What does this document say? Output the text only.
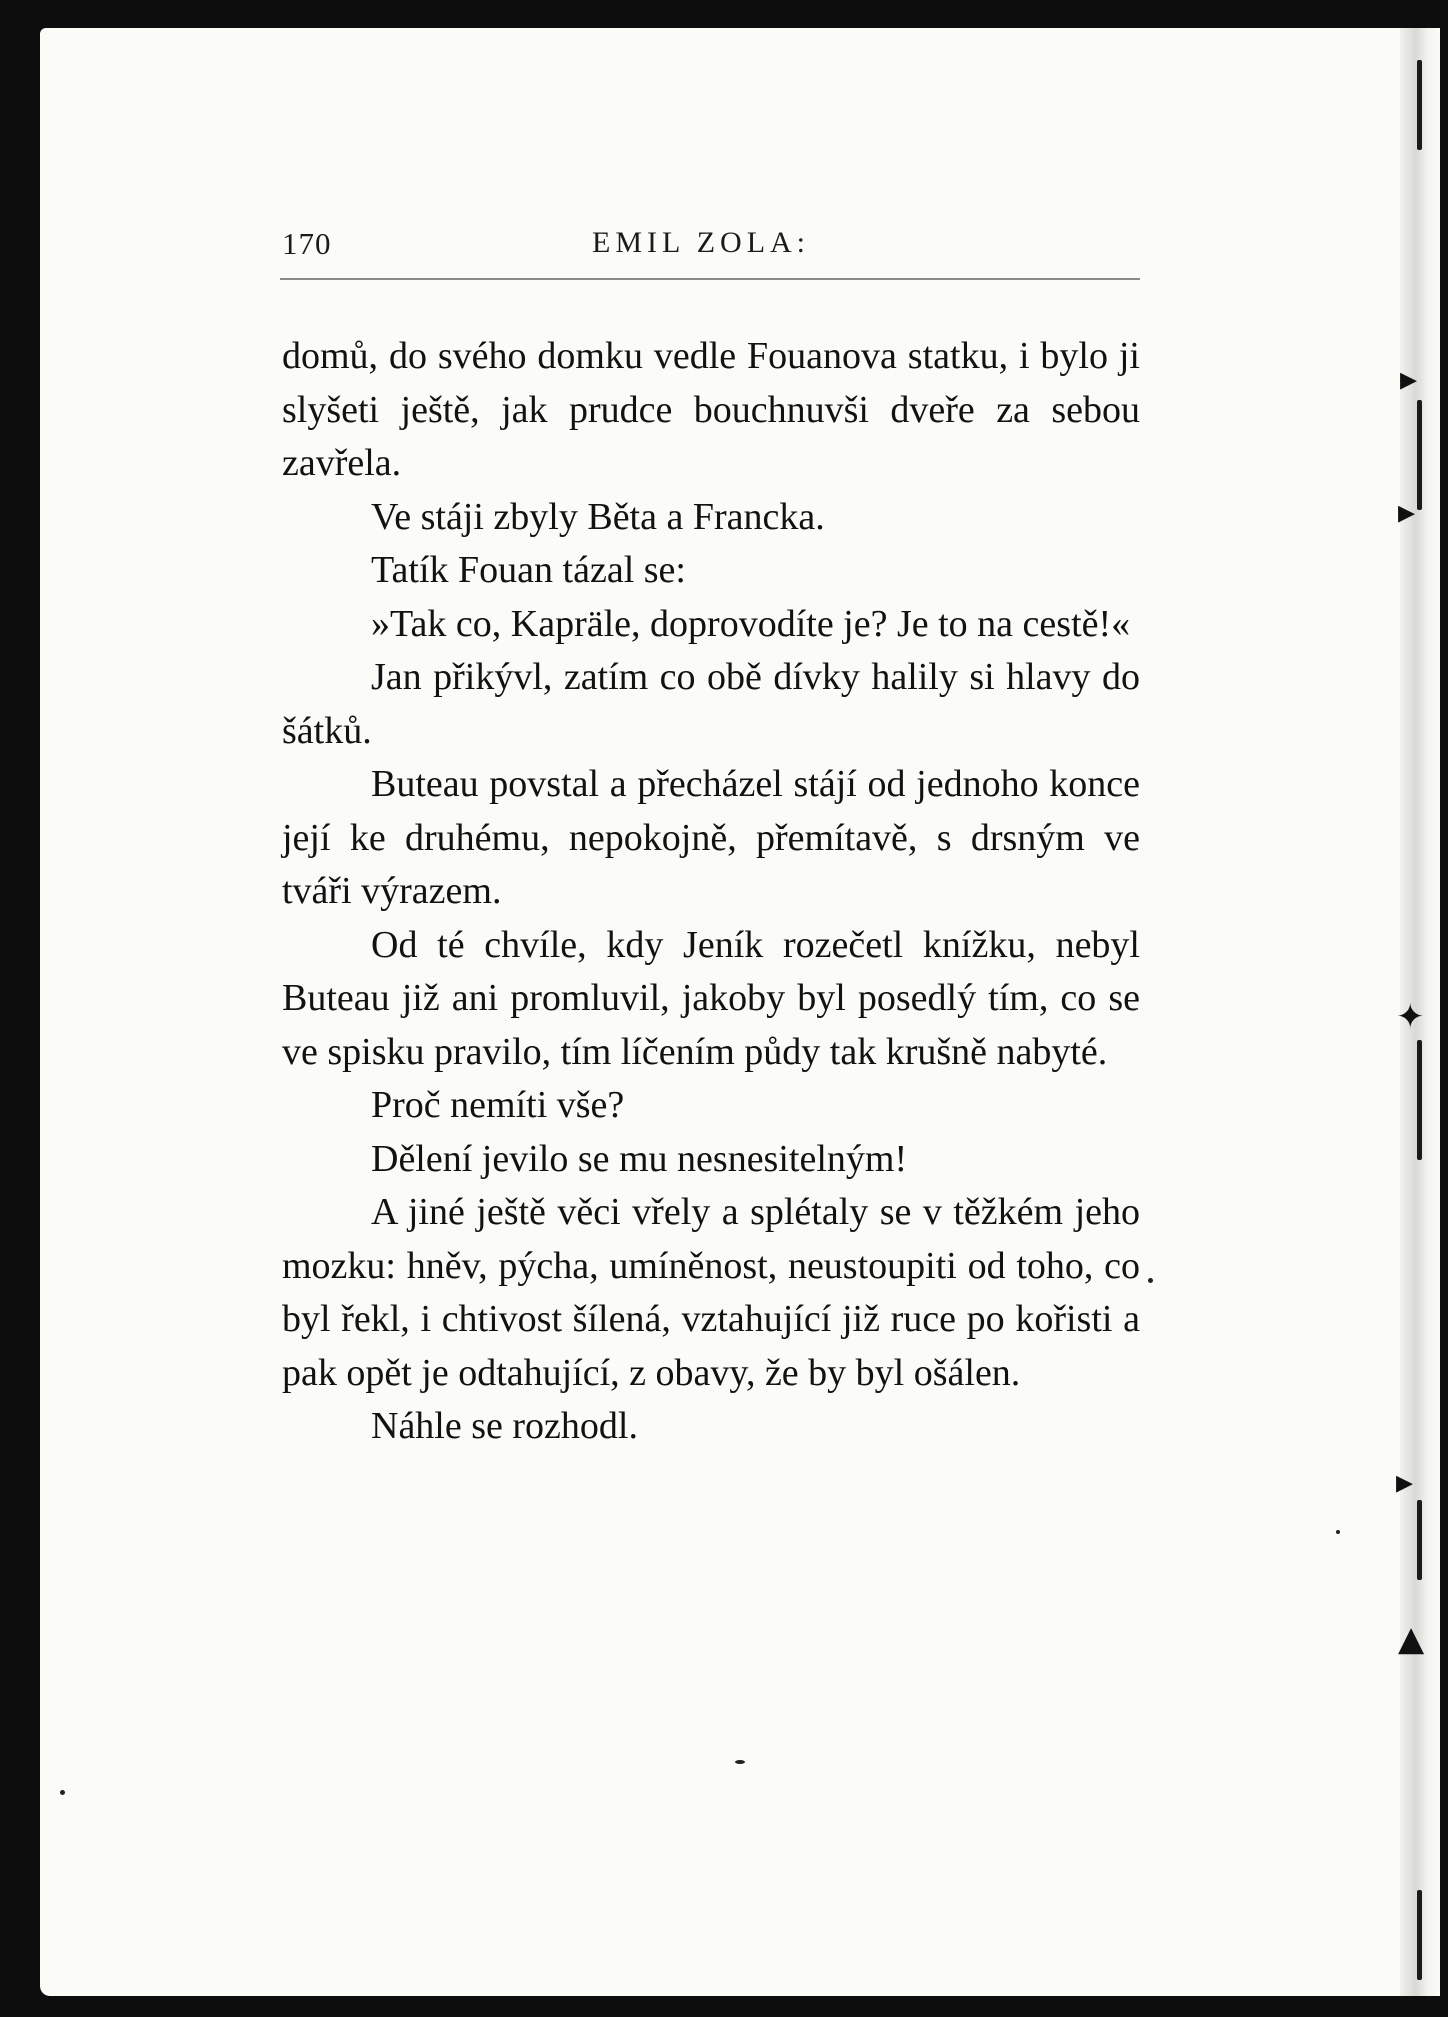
▸
▸
✦
▸
▲
170	EMIL ZOLA:

domů, do svého domku vedle Fouanova statku, i bylo ji slyšeti ještě, jak prudce bouchnuvši dveře za sebou zavřela.

Ve stáji zbyly Běta a Francka.

Tatík Fouan tázal se:

»Tak co, Kapräle, doprovodíte je? Je to na cestě!«

Jan přikývl, zatím co obě dívky halily si hlavy do šátků.

Buteau povstal a přecházel stájí od jednoho konce její ke druhému, nepokojně, přemítavě, s drsným ve tváři výrazem.

Od té chvíle, kdy Jeník rozečetl knížku, nebyl Buteau již ani promluvil, jakoby byl posedlý tím, co se ve spisku pravilo, tím líčením půdy tak krušně nabyté.

Proč nemíti vše?

Dělení jevilo se mu nesnesitelným!

A jiné ještě věci vřely a splétaly se v těžkém jeho mozku: hněv, pýcha, umíněnost, neustoupiti od toho, co byl řekl, i chtivost šílená, vztahující již ruce po kořisti a pak opět je odtahující, z obavy, že by byl ošálen.

Náhle se rozhodl.
